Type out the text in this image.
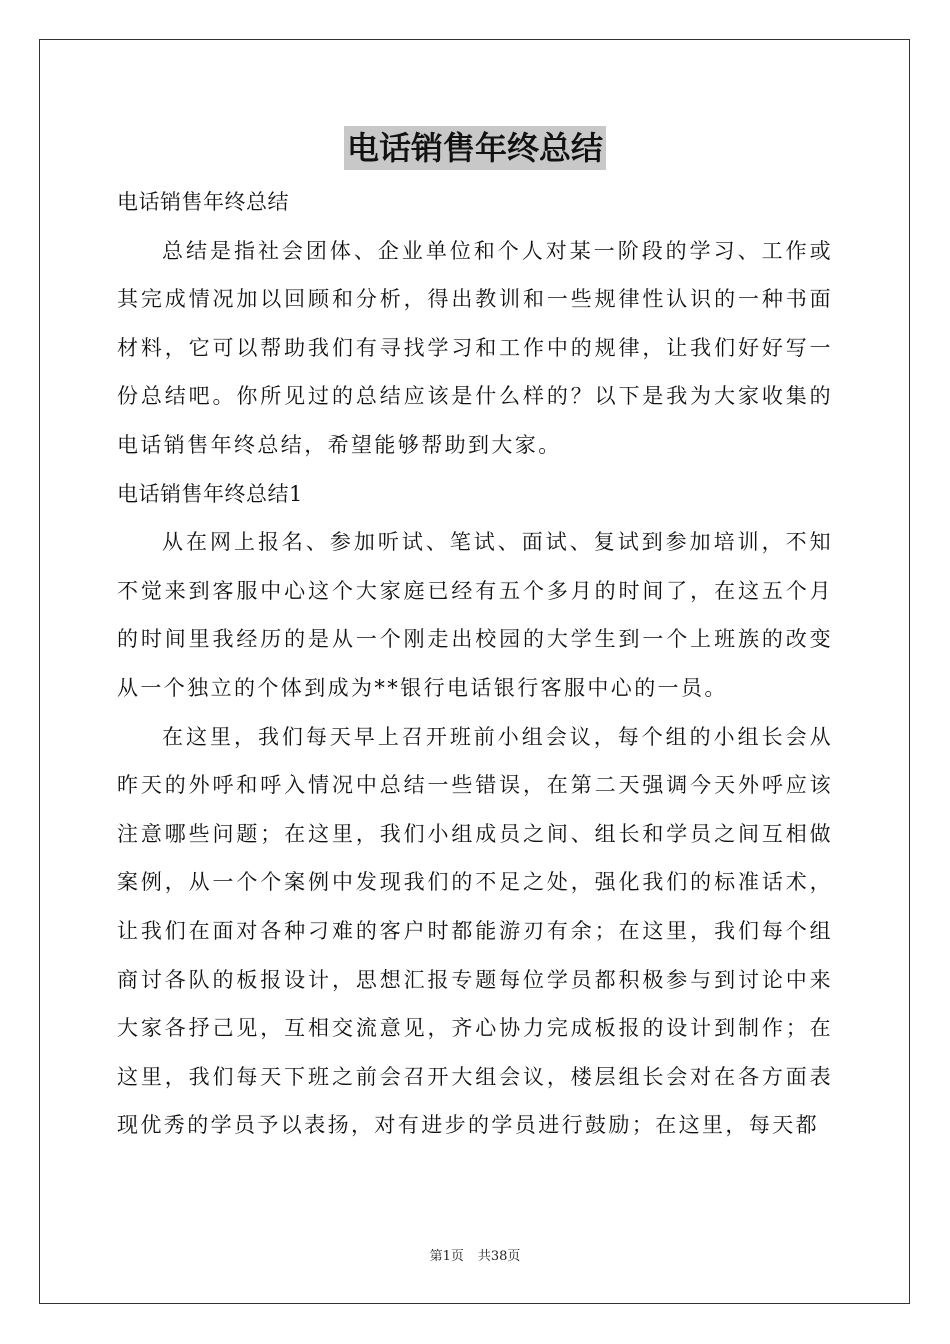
电话销售年终总结

电话销售年终总结

总结是指社会团体、企业单位和个人对某一阶段的学习、工作或其完成情况加以回顾和分析，得出教训和一些规律性认识的一种书面材料，它可以帮助我们有寻找学习和工作中的规律，让我们好好写一份总结吧。你所见过的总结应该是什么样的？以下是我为大家收集的电话销售年终总结，希望能够帮助到大家。

电话销售年终总结1

从在网上报名、参加听试、笔试、面试、复试到参加培训，不知不觉来到客服中心这个大家庭已经有五个多月的时间了，在这五个月的时间里我经历的是从一个刚走出校园的大学生到一个上班族的改变从一个独立的个体到成为**银行电话银行客服中心的一员。

在这里，我们每天早上召开班前小组会议，每个组的小组长会从昨天的外呼和呼入情况中总结一些错误，在第二天强调今天外呼应该注意哪些问题；在这里，我们小组成员之间、组长和学员之间互相做案例，从一个个案例中发现我们的不足之处，强化我们的标准话术，让我们在面对各种刁难的客户时都能游刃有余；在这里，我们每个组商讨各队的板报设计，思想汇报专题每位学员都积极参与到讨论中来大家各抒己见，互相交流意见，齐心协力完成板报的设计到制作；在这里，我们每天下班之前会召开大组会议，楼层组长会对在各方面表现优秀的学员予以表扬，对有进步的学员进行鼓励；在这里，每天都

第1页 共38页
